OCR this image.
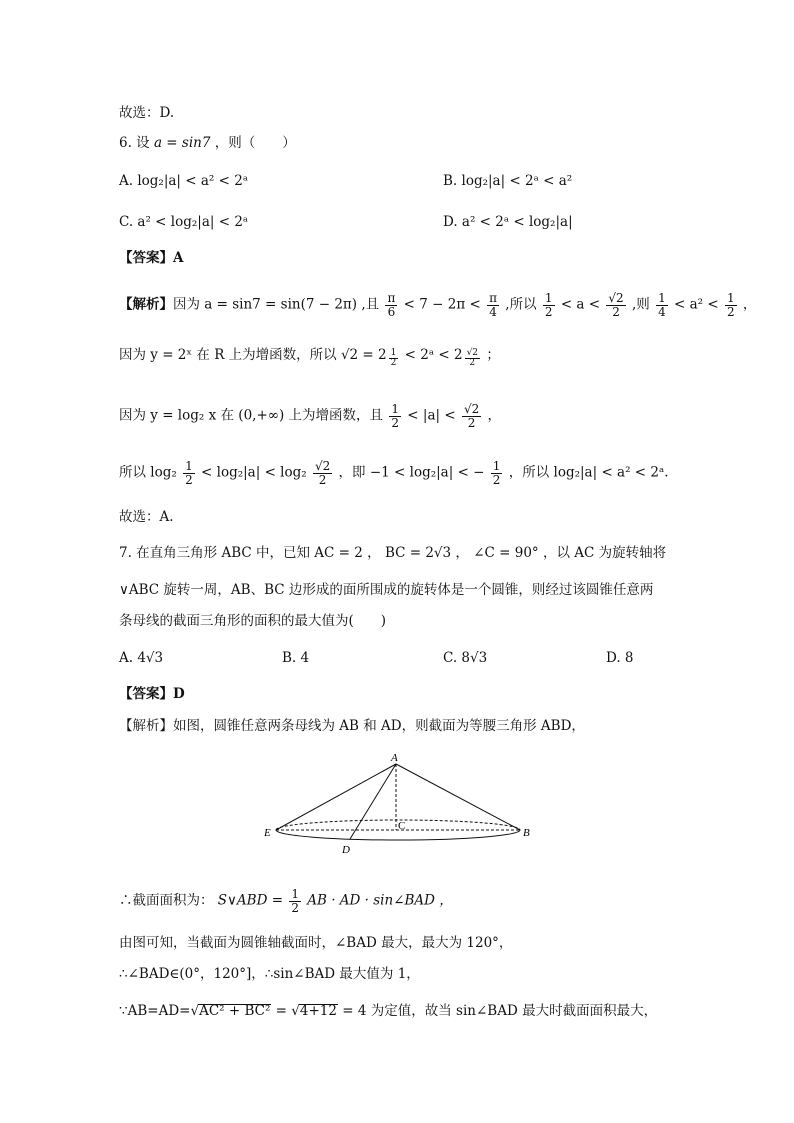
故选：D.
6. 设 a = sin7 ，则（　　）
A. log₂|a| < a² < 2ᵃ	B. log₂|a| < 2ᵃ < a²
C. a² < log₂|a| < 2ᵃ	D. a² < 2ᵃ < log₂|a|
【答案】A
【解析】因为 a = sin7 = sin(7 − 2π) ,且 $\frac{\pi}{6} < 7 - 2\pi < \frac{\pi}{4}$ ,所以 $\frac{1}{2} < a < \frac{√2}{2}$ ,则 $\frac{1}{4} < a^2 < \frac{1}{2}$ ，
因为 y = 2ˣ 在 R 上为增函数，所以 √2 = 2 $^{\frac{1}{2}}$ < 2ᵃ < 2 $^{\frac{√2}{2}}$ ；
因为 y = log₂ x 在 (0,+∞) 上为增函数，且 $\frac{1}{2} < |a| < \frac{√2}{2}$ ，
所以 $\log_2 \frac{1}{2} < \log_2|a| < \log_2 \frac{√2}{2}$ ，即 −1 < log₂|a| < − $\frac{1}{2}$ ，所以 log₂|a| < a² < 2ᵃ.
故选：A.
7. 在直角三角形 ABC 中，已知 AC = 2 ， BC = 2√3 ， ∠C = 90° ，以 AC 为旋转轴将
∨ABC 旋转一周，AB、BC 边形成的面所围成的旋转体是一个圆锥，则经过该圆锥任意两
条母线的截面三角形的面积的最大值为(　　)
A. 4√3	B. 4	C. 8√3	D. 8
【答案】D
【解析】如图，圆锥任意两条母线为 AB 和 AD，则截面为等腰三角形 ABD，
A
B
C
D
E
∴截面面积为： S∨ABD = $\frac{1}{2}$ AB · AD · sin∠BAD ，
由图可知，当截面为圆锥轴截面时，∠BAD 最大，最大为 120°，
∴∠BAD∈(0°，120°]，∴sin∠BAD 最大值为 1，
∵AB=AD=√AC² + BC² = √4+12 = 4 为定值，故当 sin∠BAD 最大时截面面积最大，
